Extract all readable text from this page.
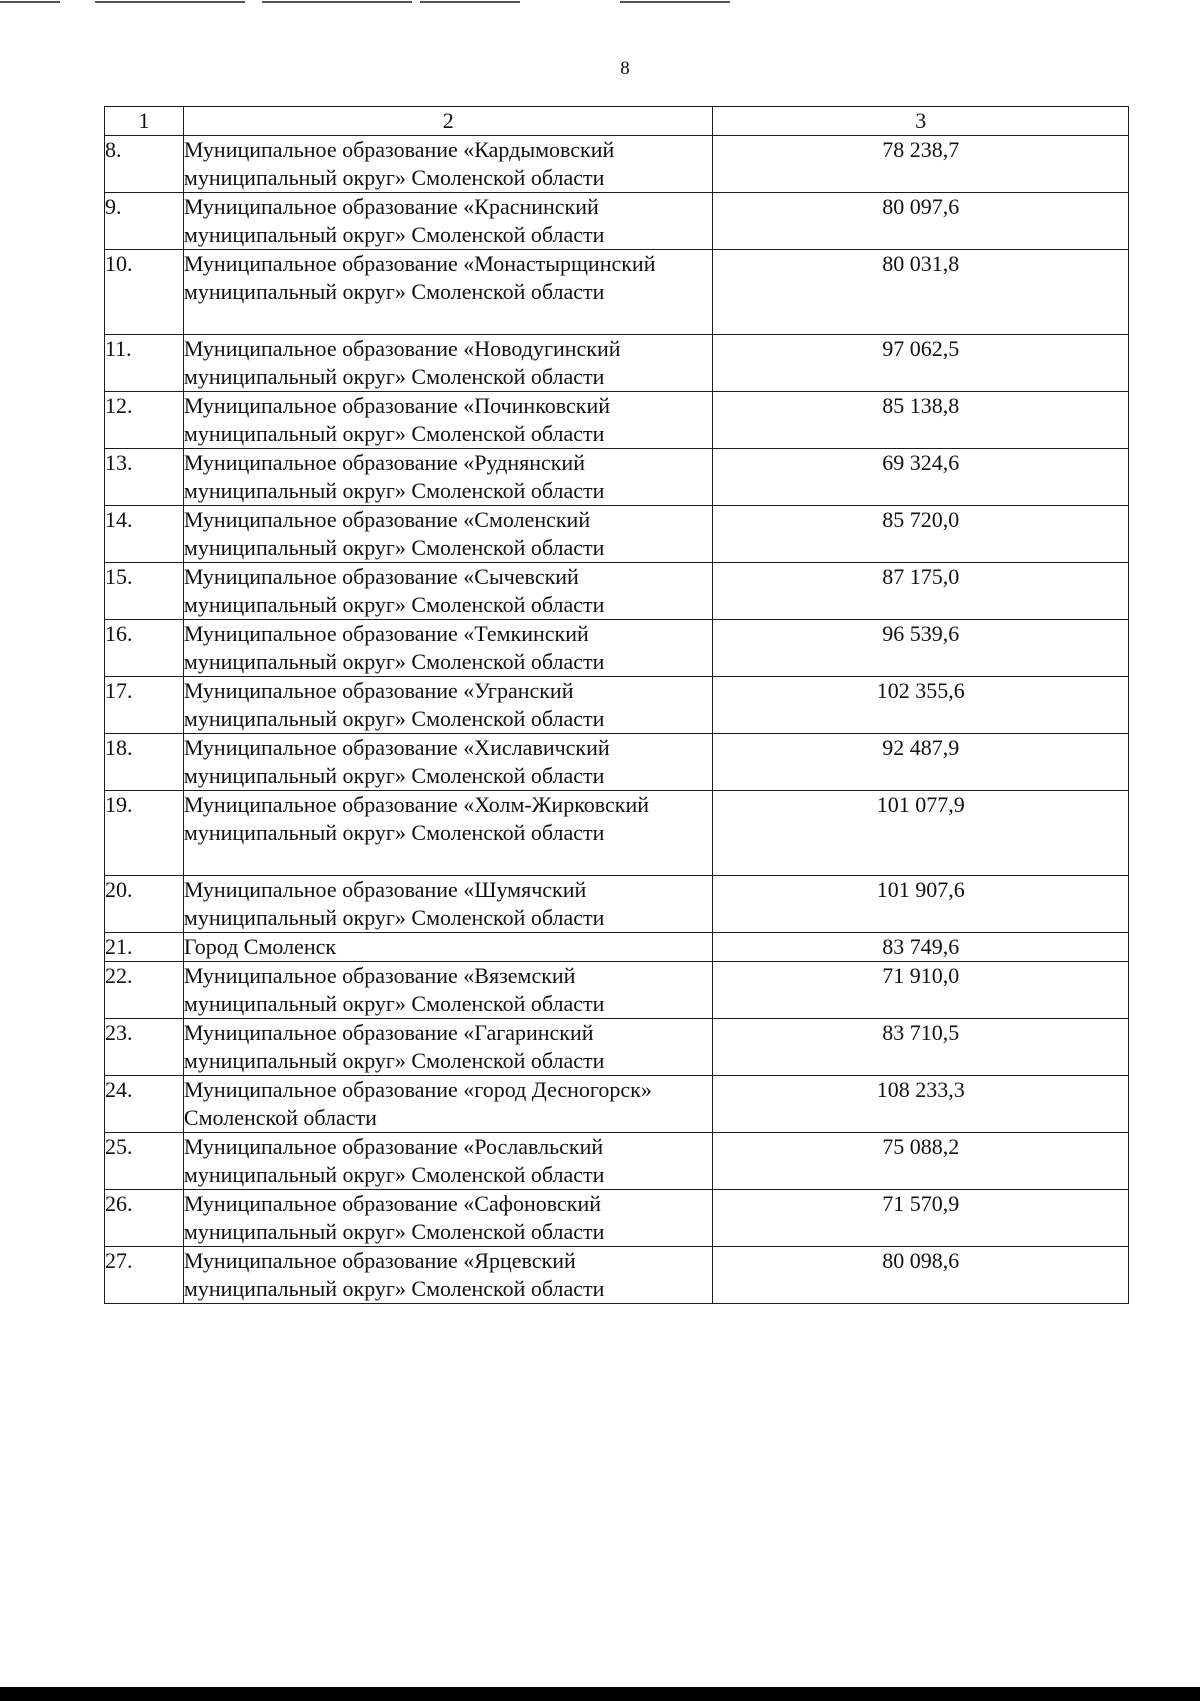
8
1	2	3
8.	Муниципальное образование «Кардымовский муниципальный округ» Смоленской области	78 238,7
9.	Муниципальное образование «Краснинский муниципальный округ» Смоленской области	80 097,6
10.	Муниципальное образование «Монастырщинский муниципальный округ» Смоленской области	80 031,8
11.	Муниципальное образование «Новодугинский муниципальный округ» Смоленской области	97 062,5
12.	Муниципальное образование «Починковский муниципальный округ» Смоленской области	85 138,8
13.	Муниципальное образование «Руднянский муниципальный округ» Смоленской области	69 324,6
14.	Муниципальное образование «Смоленский муниципальный округ» Смоленской области	85 720,0
15.	Муниципальное образование «Сычевский муниципальный округ» Смоленской области	87 175,0
16.	Муниципальное образование «Темкинский муниципальный округ» Смоленской области	96 539,6
17.	Муниципальное образование «Угранский муниципальный округ» Смоленской области	102 355,6
18.	Муниципальное образование «Хиславичский муниципальный округ» Смоленской области	92 487,9
19.	Муниципальное образование «Холм-Жирковский муниципальный округ» Смоленской области	101 077,9
20.	Муниципальное образование «Шумячский муниципальный округ» Смоленской области	101 907,6
21.	Город Смоленск	83 749,6
22.	Муниципальное образование «Вяземский муниципальный округ» Смоленской области	71 910,0
23.	Муниципальное образование «Гагаринский муниципальный округ» Смоленской области	83 710,5
24.	Муниципальное образование «город Десногорск» Смоленской области	108 233,3
25.	Муниципальное образование «Рославльский муниципальный округ» Смоленской области	75 088,2
26.	Муниципальное образование «Сафоновский муниципальный округ» Смоленской области	71 570,9
27.	Муниципальное образование «Ярцевский муниципальный округ» Смоленской области	80 098,6
